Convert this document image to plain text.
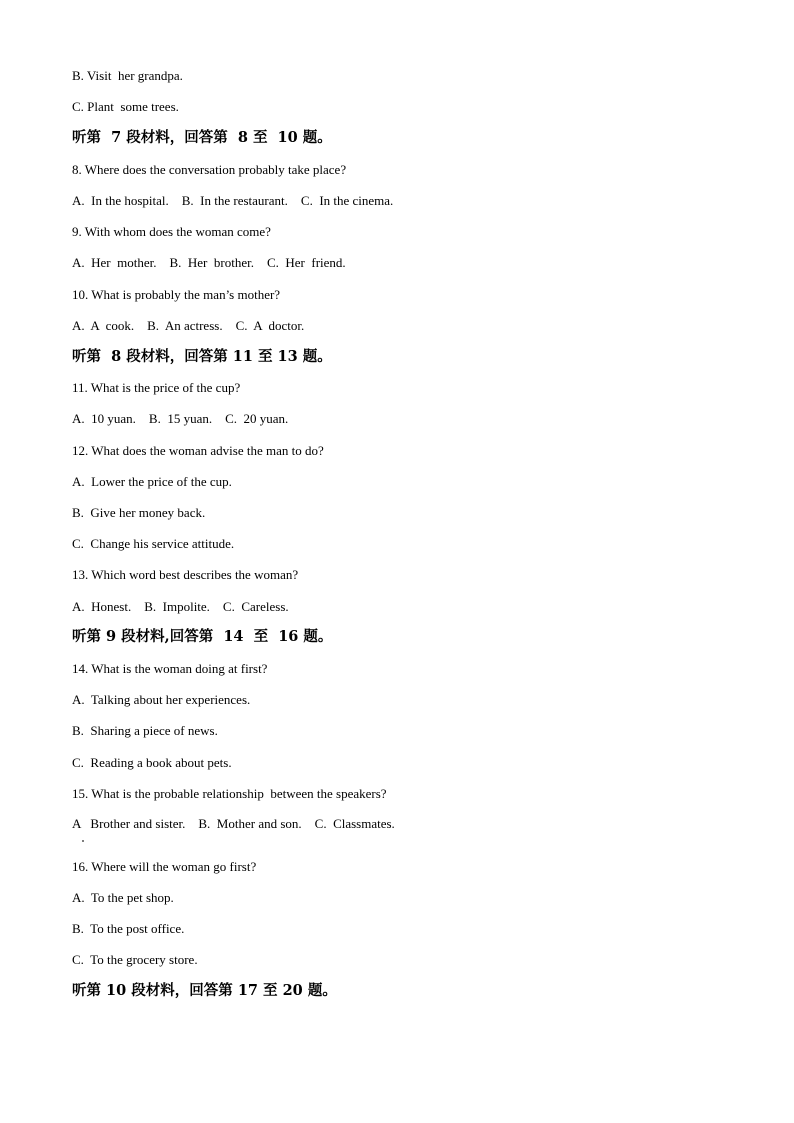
B. Visit  her grandpa.
C. Plant  some trees.
听第  7 段材料，回答第  8 至  10 题。
8. Where does the conversation probably take place?
A.  In the hospital.    B.  In the restaurant.    C.  In the cinema.
9. With whom does the woman come?
A.  Her  mother.    B.  Her  brother.    C.  Her  friend.
10. What is probably the man’s mother?
A.  A  cook.    B.  An actress.    C.  A  doctor.
听第  8 段材料，回答第 11 至 13 题。
11. What is the price of the cup?
A.  10 yuan.    B.  15 yuan.    C.  20 yuan.
12. What does the woman advise the man to do?
A.  Lower the price of the cup.
B.  Give her money back.
C.  Change his service attitude.
13. Which word best describes the woman?
A.  Honest.    B.  Impolite.    C.  Careless.
听第 9 段材料,回答第  14  至  16 题。
14. What is the woman doing at first?
A.  Talking about her experiences.
B.  Sharing a piece of news.
C.  Reading a book about pets.
15. What is the probable relationship  between the speakers?
A   Brother and sister.    B.  Mother and son.    C.  Classmates.
16. Where will the woman go first?
A.  To the pet shop.
B.  To the post office.
C.  To the grocery store.
听第 10 段材料，回答第 17 至 20 题。
